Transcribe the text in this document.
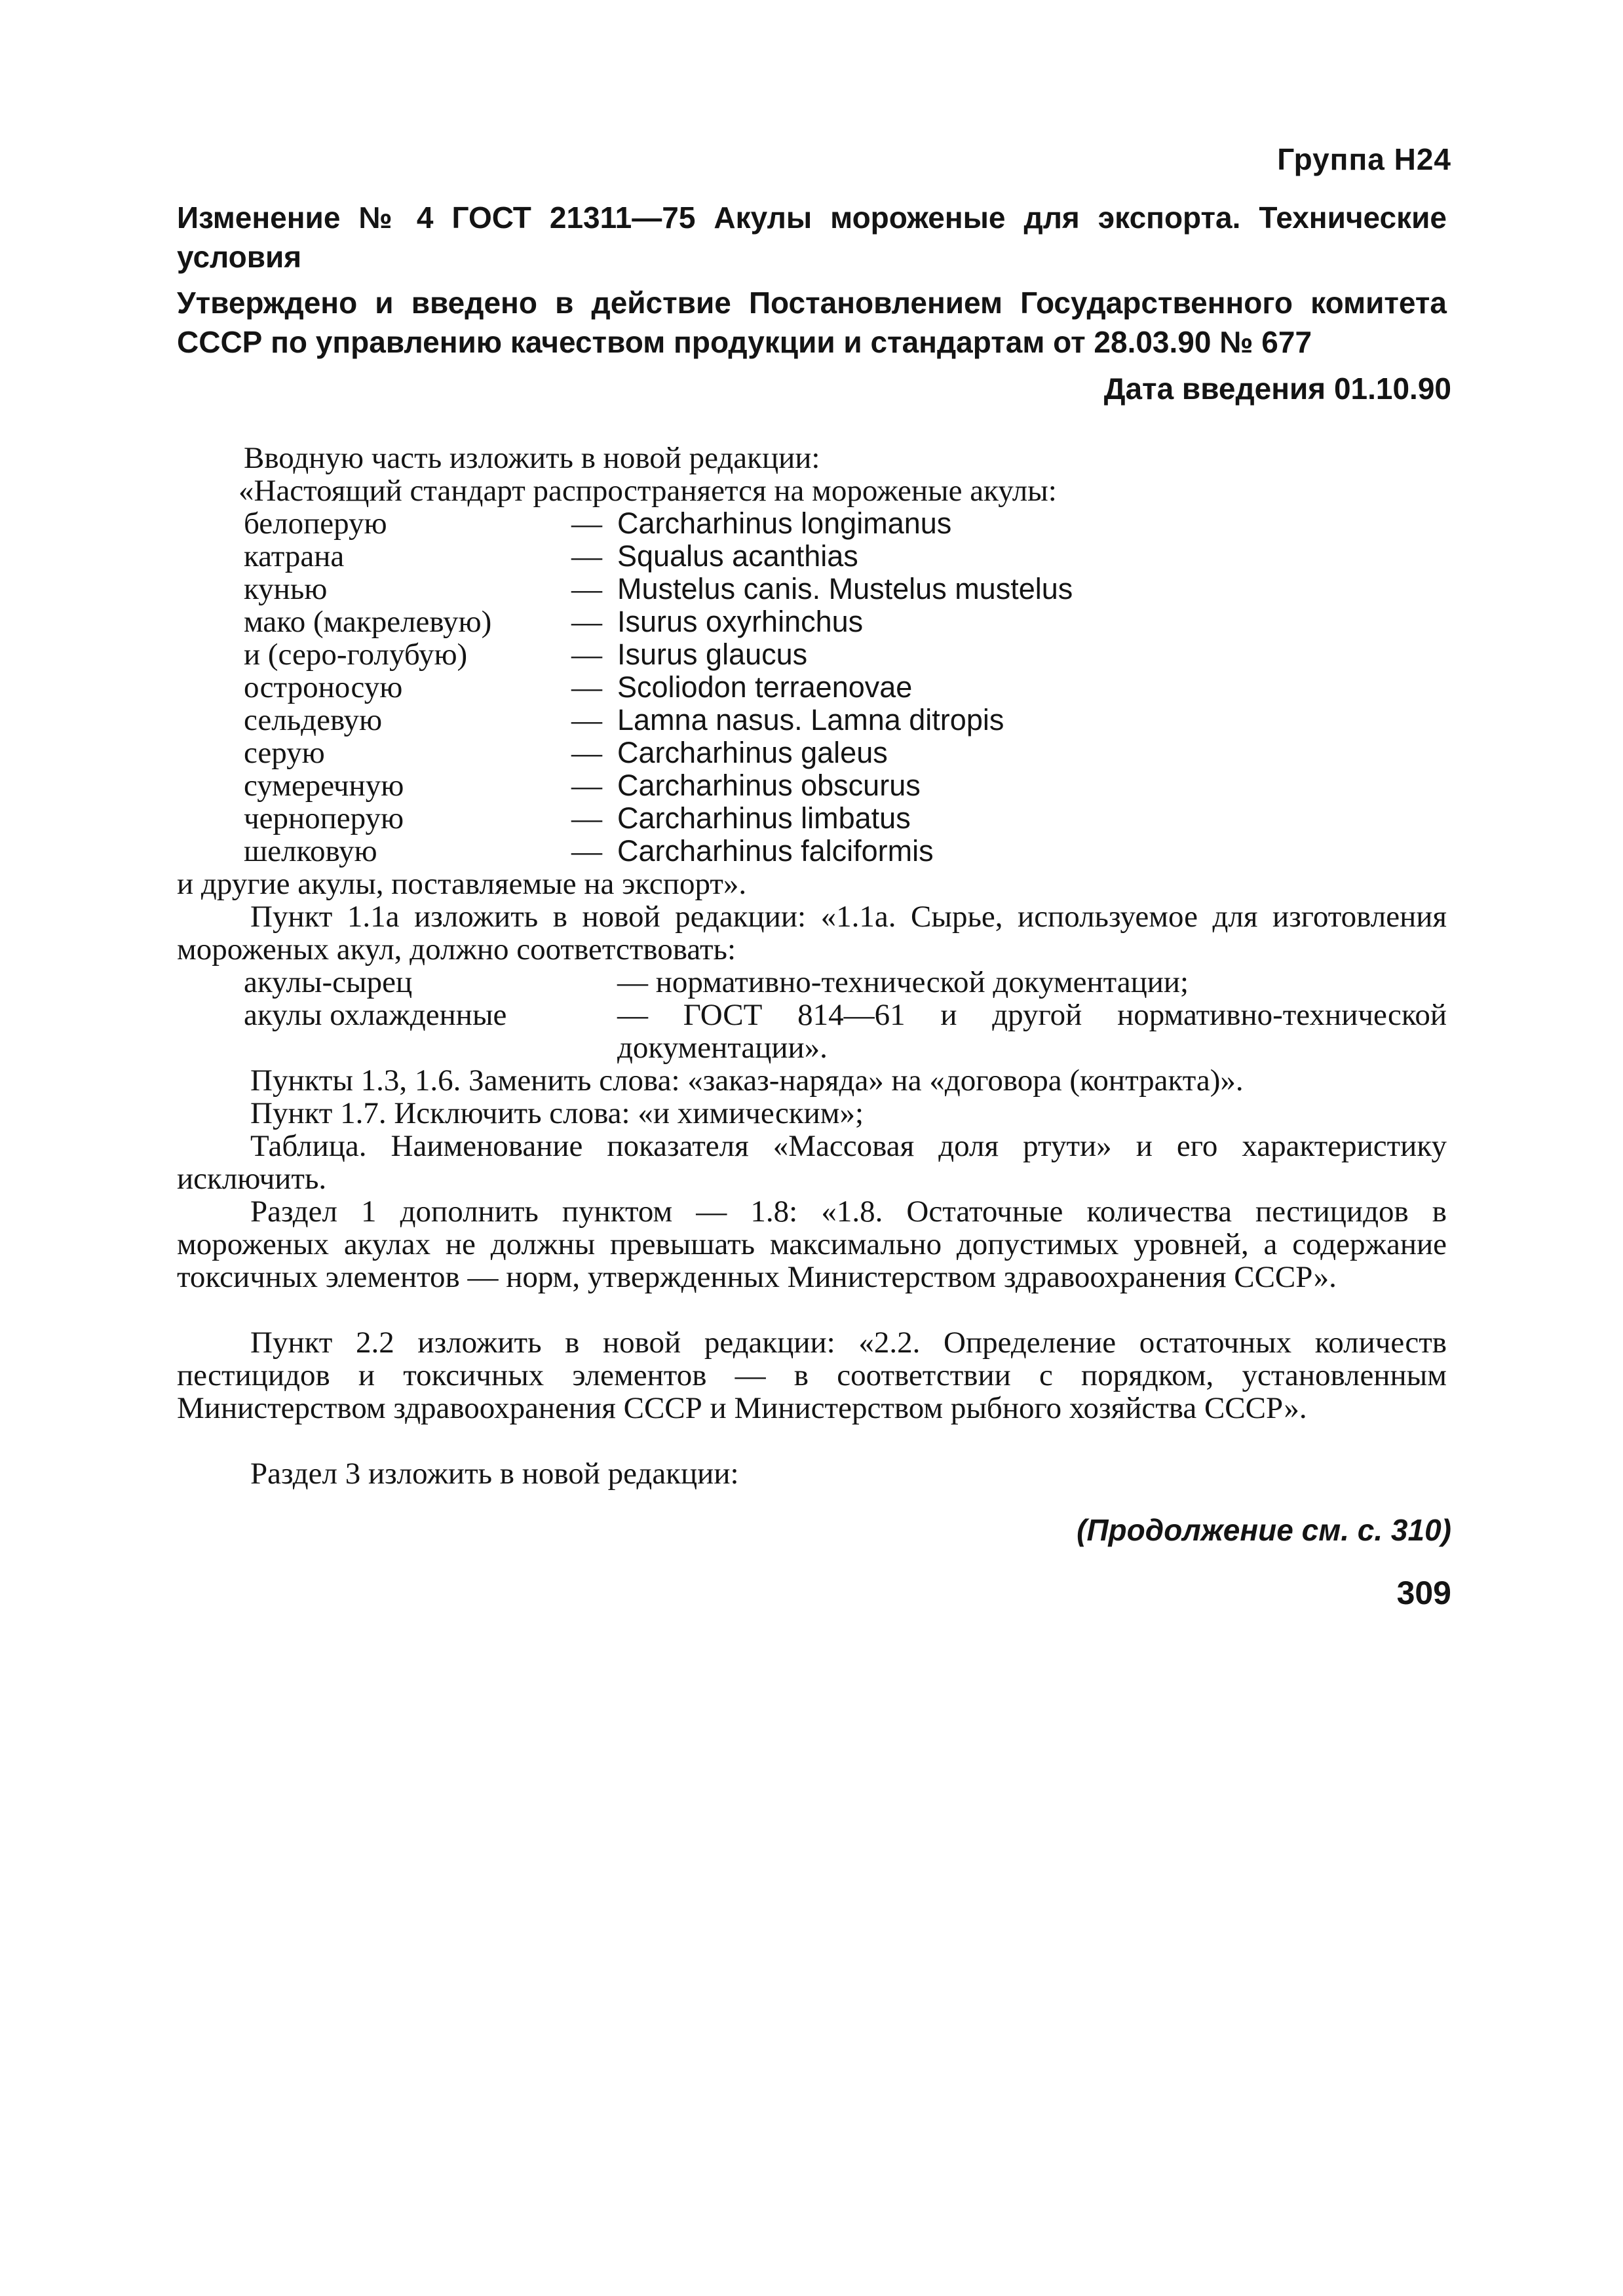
Группа Н24
Изменение № 4 ГОСТ 21311—75 Акулы мороженые для экспорта. Технические условия
Утверждено и введено в действие Постановлением Государственного комитета СССР по управлению качеством продукции и стандартам от 28.03.90 № 677
Дата введения 01.10.90
Вводную часть изложить в новой редакции:
«Настоящий стандарт распространяется на мороженые акулы:
белоперую	— Carcharhinus longimanus
катрана	— Squalus acanthias
кунью	— Mustelus canis. Mustelus mustelus
мако (макрелевую)	— Isurus oxyrhinchus
и (серо-голубую)	— Isurus glaucus
остроносую	— Scoliodon terraenovae
сельдевую	— Lamna nasus. Lamna ditropis
серую	— Carcharhinus galeus
сумеречную	— Carcharhinus obscurus
черноперую	— Carcharhinus limbatus
шелковую	— Carcharhinus falciformis
и другие акулы, поставляемые на экспорт».
Пункт 1.1а изложить в новой редакции: «1.1а. Сырье, используемое для изготовления мороженых акул, должно соответствовать:
акулы-сырец	— нормативно-технической документации;
акулы охлажденные	— ГОСТ 814—61 и другой нормативно-технической документации».
Пункты 1.3, 1.6. Заменить слова: «заказ-наряда» на «договора (контракта)».
Пункт 1.7. Исключить слова: «и химическим»;
Таблица. Наименование показателя «Массовая доля ртути» и его характеристику исключить.
Раздел 1 дополнить пунктом — 1.8: «1.8. Остаточные количества пестицидов в мороженых акулах не должны превышать максимально допустимых уровней, а содержание токсичных элементов — норм, утвержденных Министерством здравоохранения СССР».
Пункт 2.2 изложить в новой редакции: «2.2. Определение остаточных количеств пестицидов и токсичных элементов — в соответствии с порядком, установленным Министерством здравоохранения СССР и Министерством рыбного хозяйства СССР».
Раздел 3 изложить в новой редакции:
(Продолжение см. с. 310)
309
